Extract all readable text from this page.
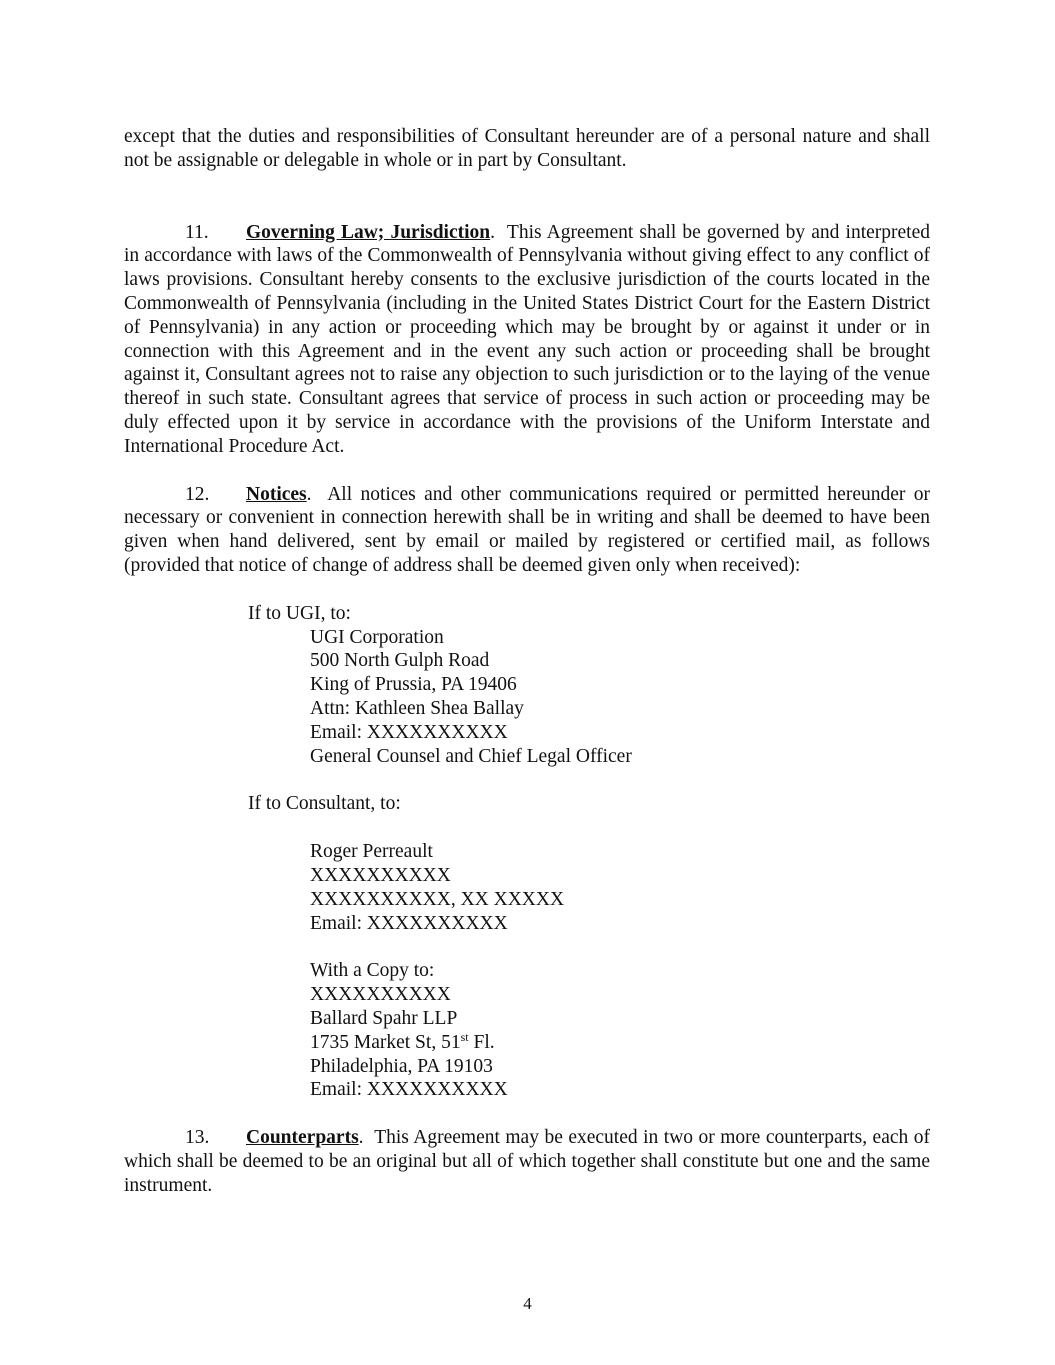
except that the duties and responsibilities of Consultant hereunder are of a personal nature and shall not be assignable or delegable in whole or in part by Consultant.

11. Governing Law; Jurisdiction.  This Agreement shall be governed by and interpreted in accordance with laws of the Commonwealth of Pennsylvania without giving effect to any conflict of laws provisions. Consultant hereby consents to the exclusive jurisdiction of the courts located in the Commonwealth of Pennsylvania (including in the United States District Court for the Eastern District of Pennsylvania) in any action or proceeding which may be brought by or against it under or in connection with this Agreement and in the event any such action or proceeding shall be brought against it, Consultant agrees not to raise any objection to such jurisdiction or to the laying of the venue thereof in such state. Consultant agrees that service of process in such action or proceeding may be duly effected upon it by service in accordance with the provisions of the Uniform Interstate and International Procedure Act.

12. Notices.  All notices and other communications required or permitted hereunder or necessary or convenient in connection herewith shall be in writing and shall be deemed to have been given when hand delivered, sent by email or mailed by registered or certified mail, as follows (provided that notice of change of address shall be deemed given only when received):

If to UGI, to:
UGI Corporation
500 North Gulph Road
King of Prussia, PA 19406
Attn: Kathleen Shea Ballay
Email: XXXXXXXXXX
General Counsel and Chief Legal Officer
If to Consultant, to:
Roger Perreault
XXXXXXXXXX
XXXXXXXXXX, XX XXXXX
Email: XXXXXXXXXX
With a Copy to:
XXXXXXXXXX
Ballard Spahr LLP
1735 Market St, 51st Fl.
Philadelphia, PA 19103
Email: XXXXXXXXXX

13. Counterparts.  This Agreement may be executed in two or more counterparts, each of which shall be deemed to be an original but all of which together shall constitute but one and the same instrument.

4
